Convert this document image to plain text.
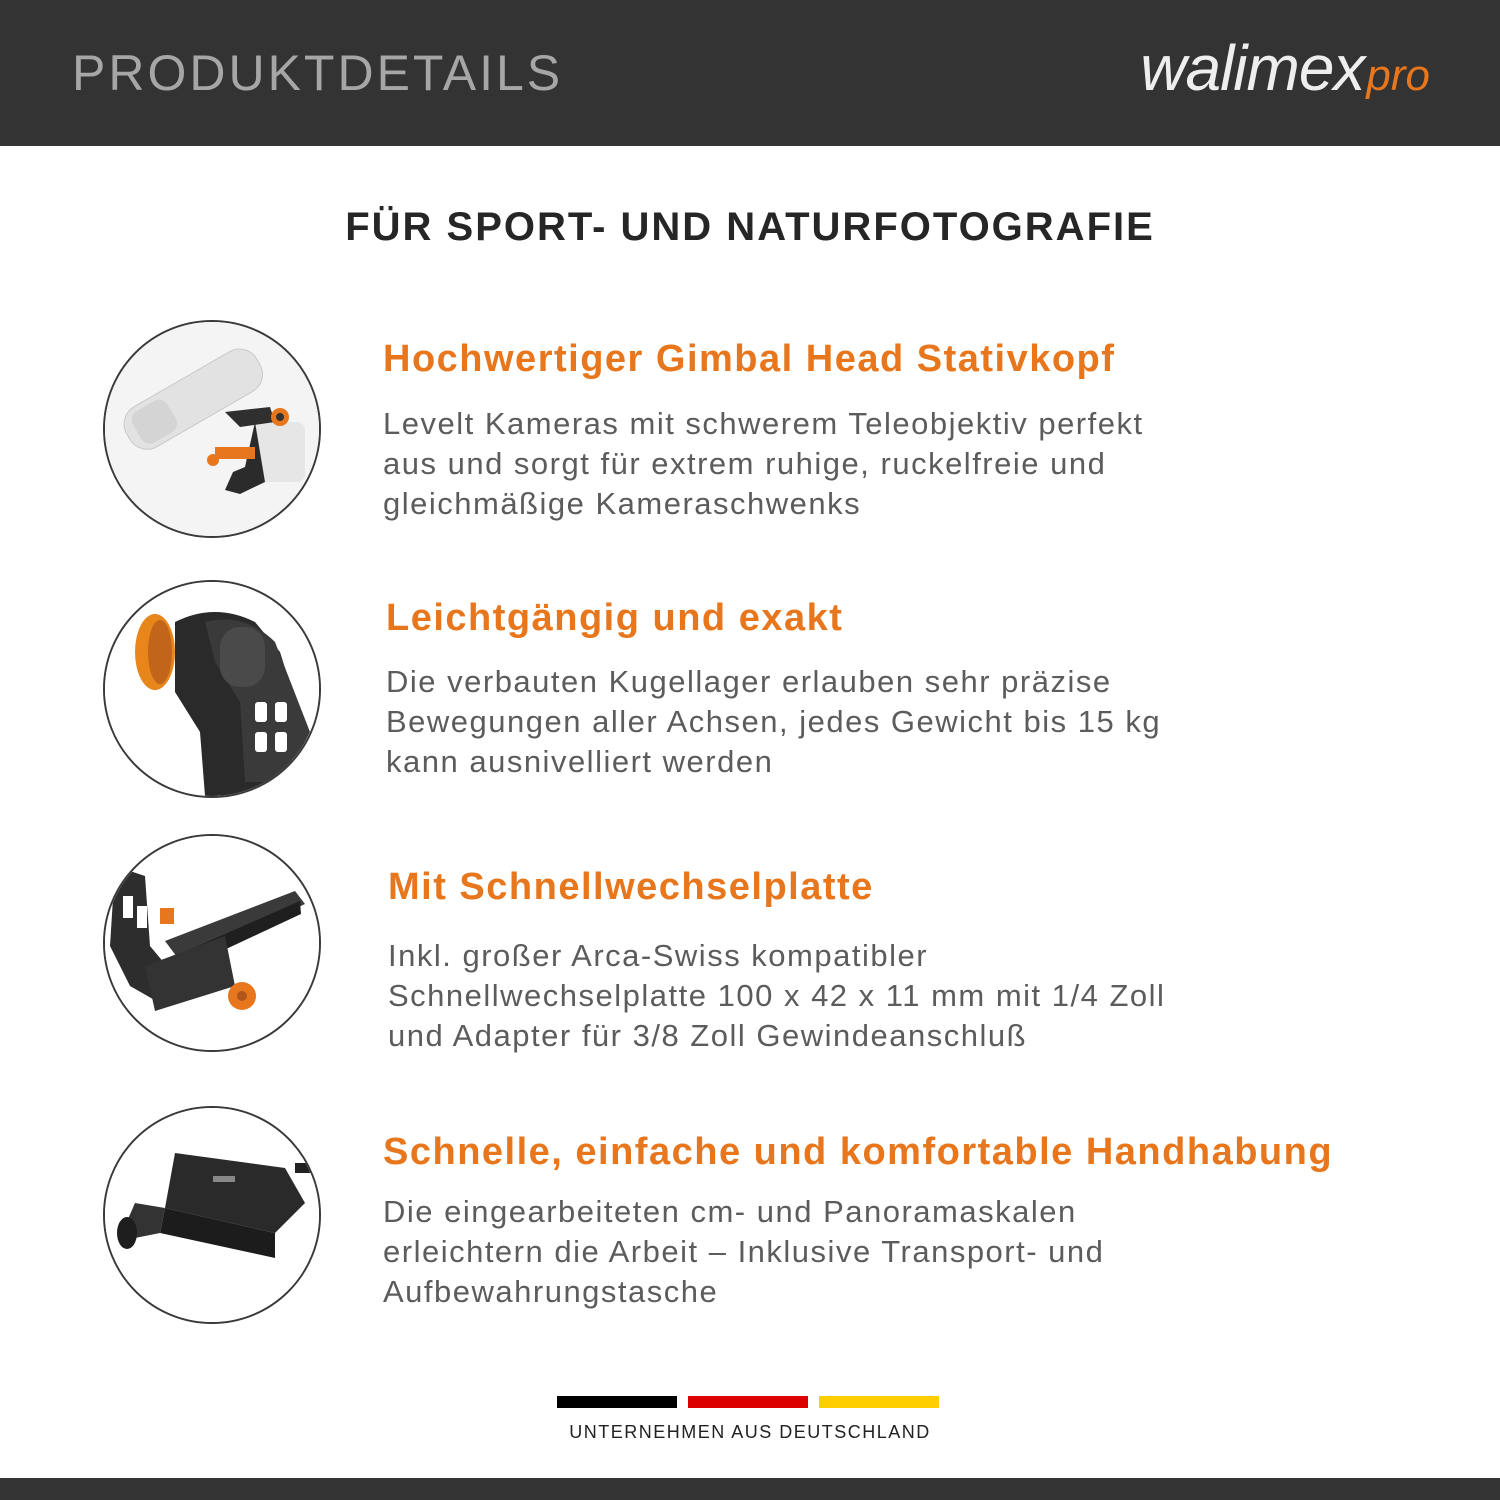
PRODUKTDETAILS	walimex pro
FÜR SPORT- UND NATURFOTOGRAFIE
Hochwertiger Gimbal Head Stativkopf
Levelt Kameras mit schwerem Teleobjektiv perfekt
aus und sorgt für extrem ruhige, ruckelfreie und
gleichmäßige Kameraschwenks
Leichtgängig und exakt
Die verbauten Kugellager erlauben sehr präzise
Bewegungen aller Achsen, jedes Gewicht bis 15 kg
kann ausnivelliert werden
Mit Schnellwechselplatte
Inkl. großer Arca-Swiss kompatibler
Schnellwechselplatte 100 x 42 x 11 mm mit 1/4 Zoll
und Adapter für 3/8 Zoll Gewindeanschluß
Schnelle, einfache und komfortable Handhabung
Die eingearbeiteten cm- und Panoramaskalen
erleichtern die Arbeit – Inklusive Transport- und
Aufbewahrungstasche
UNTERNEHMEN AUS DEUTSCHLAND
